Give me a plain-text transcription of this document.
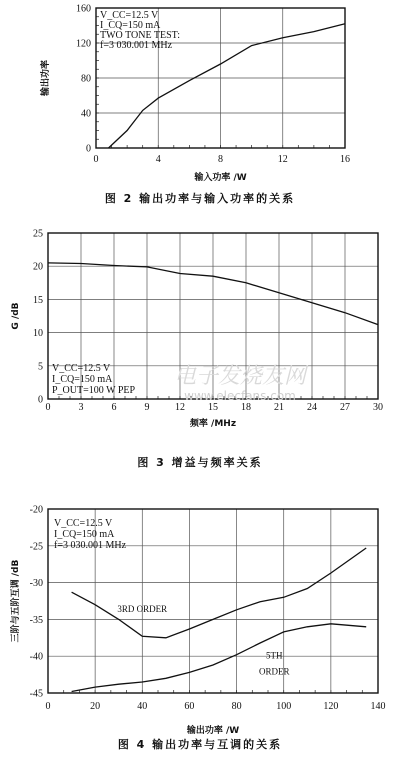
0	4	8	12	16
0
40
80
120
160
输入功率 /W
输出功率
图 2 输出功率与输入功率的关系
V_CC=12.5 V
I_CQ=150 mA
TWO TONE TEST:
f=3 030.001 MHz
0	3	6	9	12 15 18 21 24 27 30
0
5
10
15
20
25
频率 /MHz
G /dB
图 3 增益与频率关系
V_CC=12.5 V
I_CQ=150 mA
P_OUT=100 W PEP
0	20	40	60	80	100	120	140
-20
-25
-30
-35
-40
-45
输出功率 /W
三阶与五阶互调 /dB
图 4 输出功率与互调的关系
V_CC=12.5 V
I_CQ=150 mA
f=3 030.001 MHz
3RD ORDER
5TH
ORDER
电子发烧友网
www.elecfans.com
